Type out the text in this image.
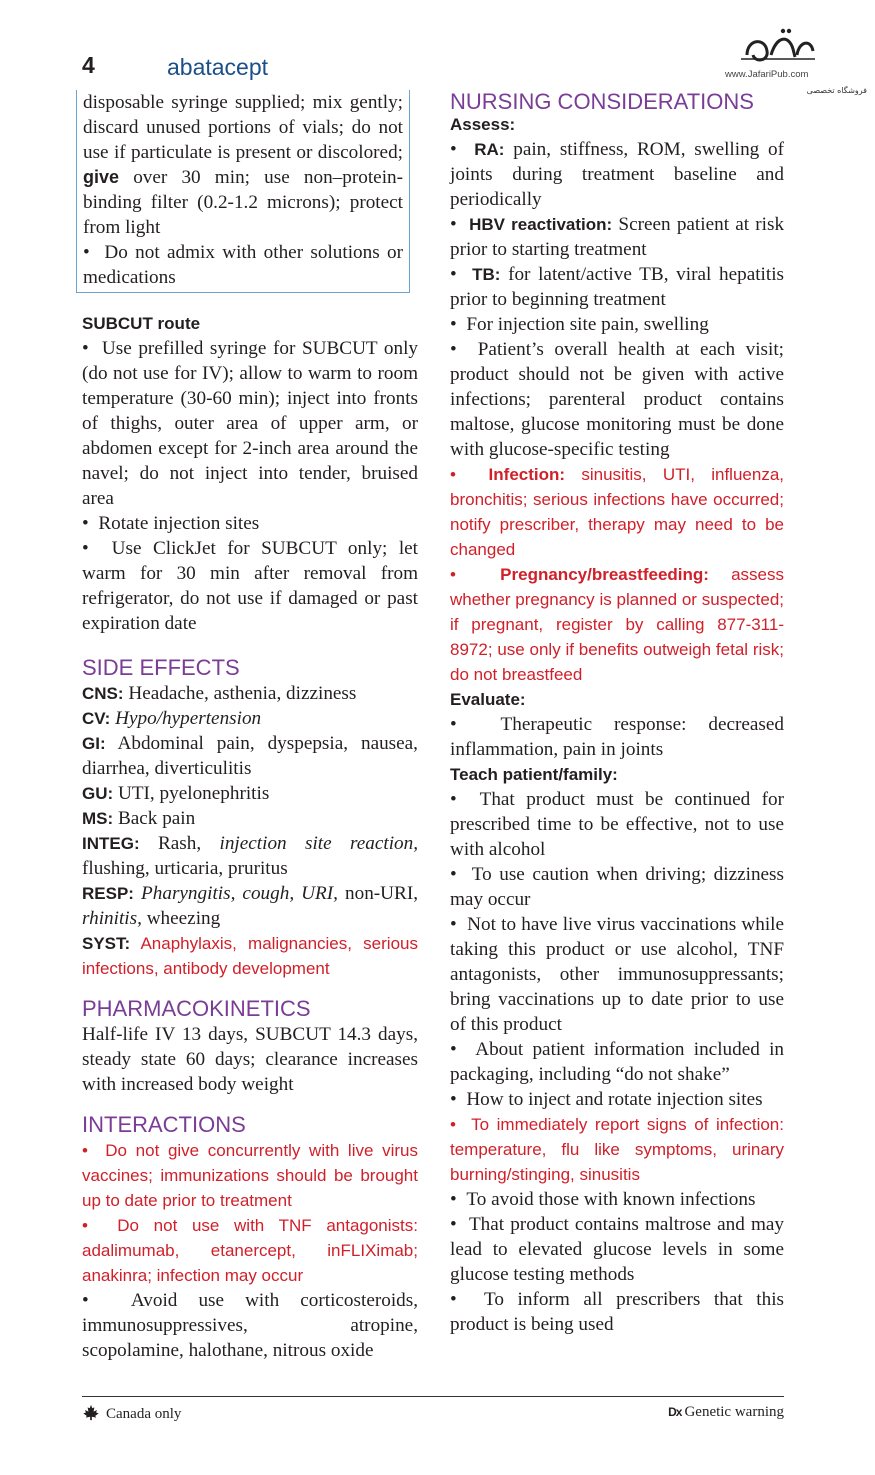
4	abatacept	www.JafariPub.com
فروشگاه تخصصی

disposable syringe supplied; mix gently; discard unused portions of vials; do not use if particulate is present or discolored; give over 30 min; use non–protein-binding filter (0.2-1.2 microns); protect from light

•  Do not admix with other solutions or medications

SUBCUT route

•  Use prefilled syringe for SUBCUT only (do not use for IV); allow to warm to room temperature (30-60 min); inject into fronts of thighs, outer area of upper arm, or abdomen except for 2-inch area around the navel; do not inject into tender, bruised area

•  Rotate injection sites

•  Use ClickJet for SUBCUT only; let warm for 30 min after removal from refrigerator, do not use if damaged or past expiration date

SIDE EFFECTS

CNS: Headache, asthenia, dizziness

CV: Hypo/hypertension

GI: Abdominal pain, dyspepsia, nausea, diarrhea, diverticulitis

GU: UTI, pyelonephritis

MS: Back pain

INTEG: Rash, injection site reaction, flushing, urticaria, pruritus

RESP: Pharyngitis, cough, URI, non-URI, rhinitis, wheezing

SYST: Anaphylaxis, malignancies, serious infections, antibody development

PHARMACOKINETICS

Half-life IV 13 days, SUBCUT 14.3 days, steady state 60 days; clearance increases with increased body weight

INTERACTIONS

•  Do not give concurrently with live virus vaccines; immunizations should be brought up to date prior to treatment

•  Do not use with TNF antagonists: adalimumab, etanercept, inFLIXimab; anakinra; infection may occur

•  Avoid use with corticosteroids, immunosuppressives, atropine, scopolamine, halothane, nitrous oxide

NURSING CONSIDERATIONS

Assess:

•  RA: pain, stiffness, ROM, swelling of joints during treatment baseline and periodically

•  HBV reactivation: Screen patient at risk prior to starting treatment

•  TB: for latent/active TB, viral hepatitis prior to beginning treatment

•  For injection site pain, swelling

•  Patient’s overall health at each visit; product should not be given with active infections; parenteral product contains maltose, glucose monitoring must be done with glucose-specific testing

•  Infection: sinusitis, UTI, influenza, bronchitis; serious infections have occurred; notify prescriber, therapy may need to be changed

•  Pregnancy/breastfeeding: assess whether pregnancy is planned or suspected; if pregnant, register by calling 877-311-8972; use only if benefits outweigh fetal risk; do not breastfeed

Evaluate:

•  Therapeutic response: decreased inflammation, pain in joints

Teach patient/family:

•  That product must be continued for prescribed time to be effective, not to use with alcohol

•  To use caution when driving; dizziness may occur

•  Not to have live virus vaccinations while taking this product or use alcohol, TNF antagonists, other immunosuppressants; bring vaccinations up to date prior to use of this product

•  About patient information included in packaging, including “do not shake”

•  How to inject and rotate injection sites

•  To immediately report signs of infection: temperature, flu like symptoms, urinary burning/stinging, sinusitis

•  To avoid those with known infections

•  That product contains maltrose and may lead to elevated glucose levels in some glucose testing methods

•  To inform all prescribers that this product is being used

Canada only	Dx Genetic warning
